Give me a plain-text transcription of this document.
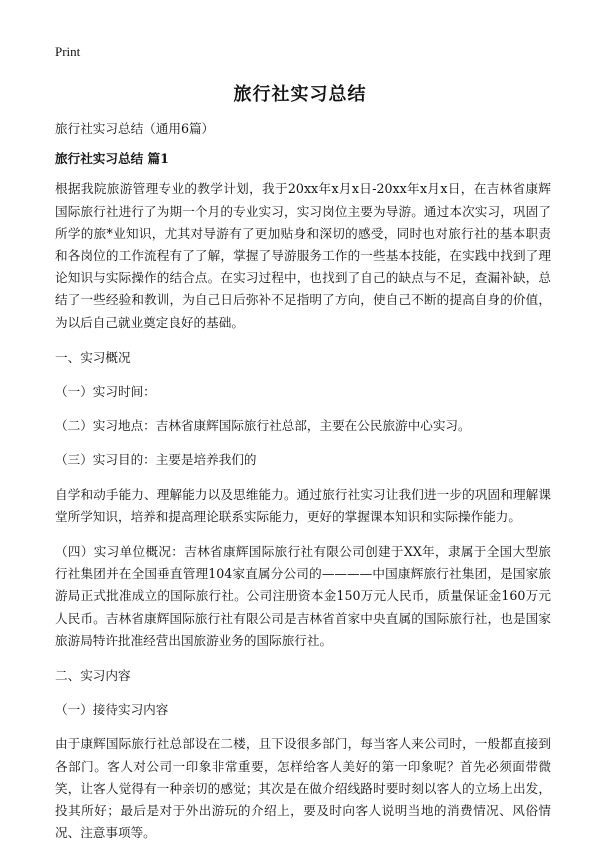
Print
旅行社实习总结

旅行社实习总结（通用6篇）

旅行社实习总结 篇1

根据我院旅游管理专业的教学计划，我于20xx年x月x日-20xx年x月x日，在吉林省康辉国际旅行社进行了为期一个月的专业实习，实习岗位主要为导游。通过本次实习，巩固了所学的旅*业知识，尤其对导游有了更加贴身和深切的感受，同时也对旅行社的基本职责和各岗位的工作流程有了了解，掌握了导游服务工作的一些基本技能，在实践中找到了理论知识与实际操作的结合点。在实习过程中，也找到了自己的缺点与不足，查漏补缺，总结了一些经验和教训，为自己日后弥补不足指明了方向，使自己不断的提高自身的价值，为以后自己就业奠定良好的基础。

一、实习概况

（一）实习时间：

（二）实习地点：吉林省康辉国际旅行社总部，主要在公民旅游中心实习。

（三）实习目的：主要是培养我们的

自学和动手能力、理解能力以及思维能力。通过旅行社实习让我们进一步的巩固和理解课堂所学知识，培养和提高理论联系实际能力，更好的掌握课本知识和实际操作能力。

（四）实习单位概况：吉林省康辉国际旅行社有限公司创建于XX年，隶属于全国大型旅行社集团并在全国垂直管理104家直属分公司的————中国康辉旅行社集团，是国家旅游局正式批准成立的国际旅行社。公司注册资本金150万元人民币，质量保证金160万元人民币。吉林省康辉国际旅行社有限公司是吉林省首家中央直属的国际旅行社，也是国家旅游局特许批准经营出国旅游业务的国际旅行社。

二、实习内容

（一）接待实习内容

由于康辉国际旅行社总部设在二楼，且下设很多部门，每当客人来公司时，一般都直接到各部门。客人对公司一印象非常重要，怎样给客人美好的第一印象呢？首先必须面带微笑，让客人觉得有一种亲切的感觉；其次是在做介绍线路时要时刻以客人的立场上出发，投其所好；最后是对于外出游玩的介绍上，要及时向客人说明当地的消费情况、风俗情况、注意事项等。
